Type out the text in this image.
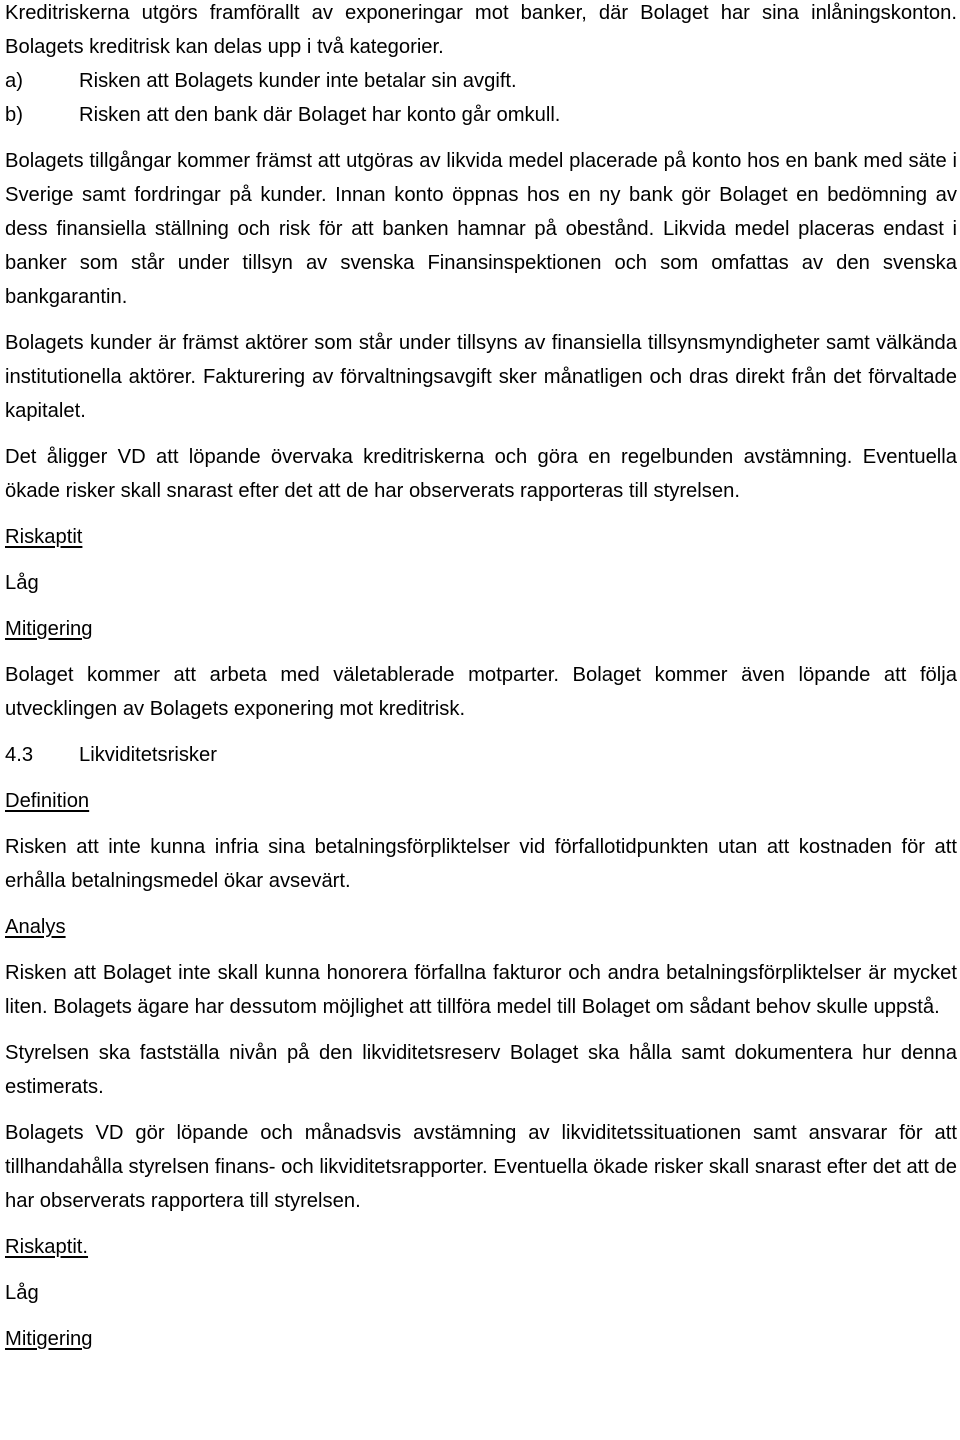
Kreditriskerna utgörs framförallt av exponeringar mot banker, där Bolaget har sina inlåningskonton. Bolagets kreditrisk kan delas upp i två kategorier.

a)	Risken att Bolagets kunder inte betalar sin avgift.
b)	Risken att den bank där Bolaget har konto går omkull.

Bolagets tillgångar kommer främst att utgöras av likvida medel placerade på konto hos en bank med säte i Sverige samt fordringar på kunder. Innan konto öppnas hos en ny bank gör Bolaget en bedömning av dess finansiella ställning och risk för att banken hamnar på obestånd. Likvida medel placeras endast i banker som står under tillsyn av svenska Finansinspektionen och som omfattas av den svenska bankgarantin.

Bolagets kunder är främst aktörer som står under tillsyns av finansiella tillsynsmyndigheter samt välkända institutionella aktörer. Fakturering av förvaltningsavgift sker månatligen och dras direkt från det förvaltade kapitalet.

Det åligger VD att löpande övervaka kreditriskerna och göra en regelbunden avstämning. Eventuella ökade risker skall snarast efter det att de har observerats rapporteras till styrelsen.

Riskaptit

Låg

Mitigering

Bolaget kommer att arbeta med väletablerade motparter. Bolaget kommer även löpande att följa utvecklingen av Bolagets exponering mot kreditrisk.

4.3 Likviditetsrisker

Definition

Risken att inte kunna infria sina betalningsförpliktelser vid förfallotidpunkten utan att kostnaden för att erhålla betalningsmedel ökar avsevärt.

Analys

Risken att Bolaget inte skall kunna honorera förfallna fakturor och andra betalningsförpliktelser är mycket liten. Bolagets ägare har dessutom möjlighet att tillföra medel till Bolaget om sådant behov skulle uppstå.

Styrelsen ska fastställa nivån på den likviditetsreserv Bolaget ska hålla samt dokumentera hur denna estimerats.

Bolagets VD gör löpande och månadsvis avstämning av likviditetssituationen samt ansvarar för att tillhandahålla styrelsen finans- och likviditetsrapporter. Eventuella ökade risker skall snarast efter det att de har observerats rapportera till styrelsen.

Riskaptit.

Låg

Mitigering
